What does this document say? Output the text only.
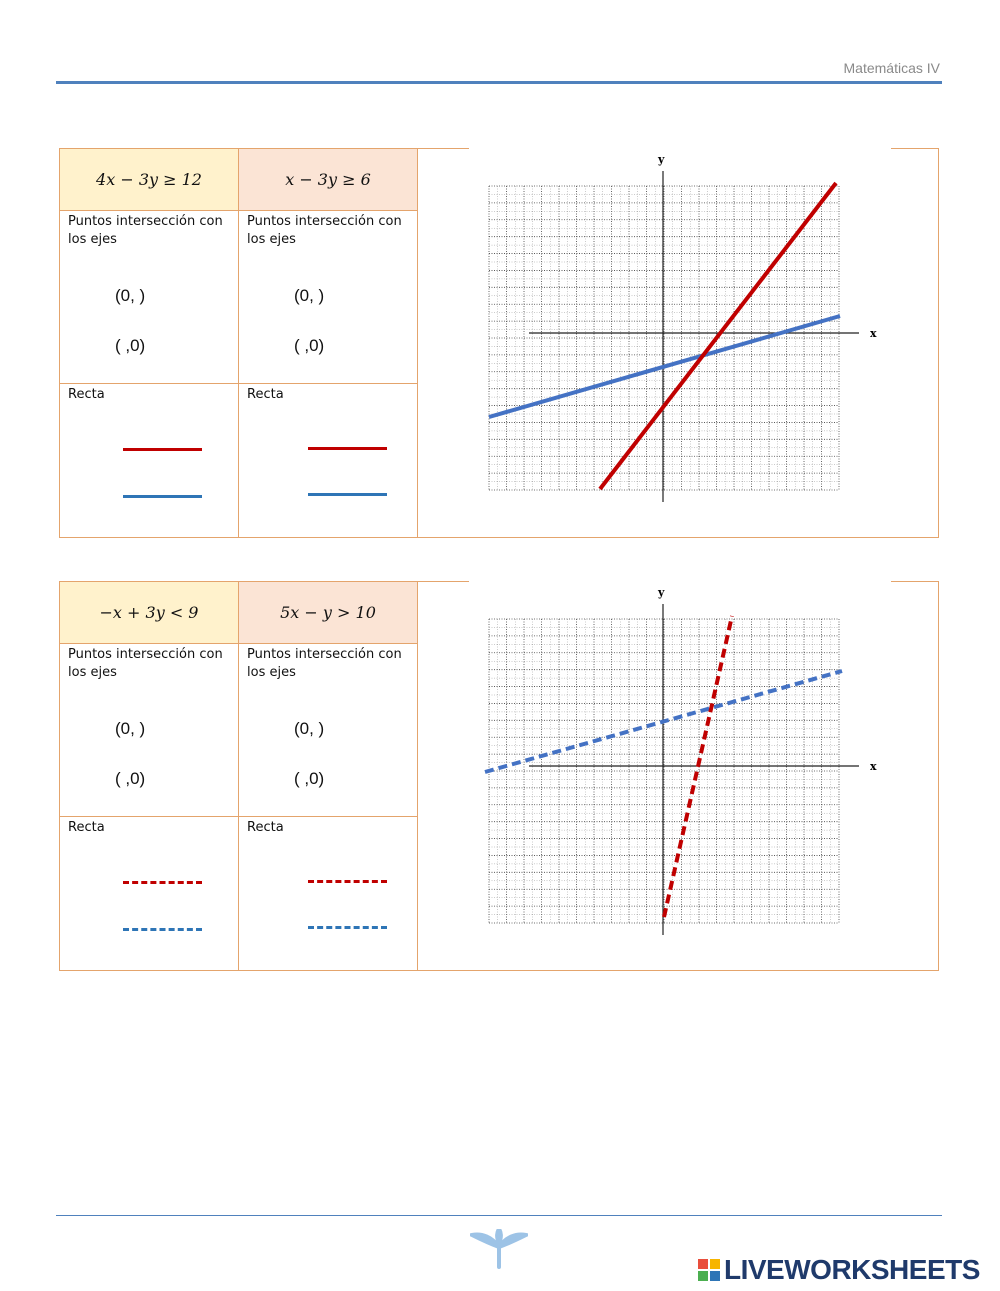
Matemáticas IV
4x − 3y ≥ 12
Puntos intersección con los ejes
(0, )
( ,0)
Recta
x − 3y ≥ 6
Puntos intersección con los ejes
(0, )
( ,0)
Recta
x
y
−x + 3y < 9
Puntos intersección con los ejes
(0, )
( ,0)
Recta
5x − y > 10
Puntos intersección con los ejes
(0, )
( ,0)
Recta
x
y
LIVEWORKSHEETS
